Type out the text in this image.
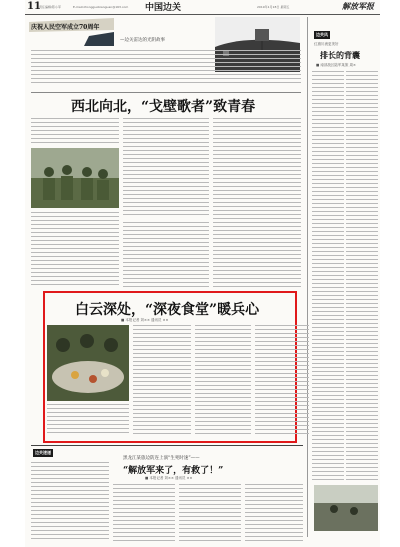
11
责任编辑/陈小军	E-mail:zhongguobianguan@163.com 中国边关	2019年1月18日 星期五	解放军报
庆祝人民空军成立70周年
—边关雷达的光阴故事
西北向北，“戈壁歌者”致青春
边关风
红旗川流更美好
排长的背囊
■ 南部战区陆军某旅 周×
白云深处，“深夜食堂”暖兵心
■ 本报记者 刘×× 通讯员 ××
边关速递
黑龙江某旅边防连上演“生死时速”——
“解放军来了，有救了！”
■ 本报记者 刘×× 通讯员 ××
